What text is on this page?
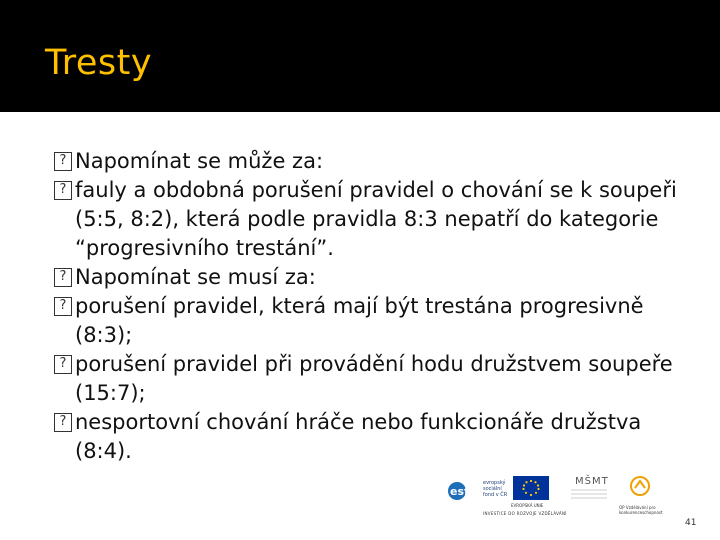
Tresty
? Napomínat se může za:
? fauly a obdobná porušení pravidel o chování se k soupeři (5:5, 8:2), která podle pravidla 8:3 nepatří do kategorie “progresivního trestání”.
? Napomínat se musí za:
? porušení pravidel, která mají být trestána progresivně (8:3);
? porušení pravidel při provádění hodu družstvem soupeře (15:7);
? nesportovní chování hráče nebo funkcionáře družstva (8:4).
esf
evropský sociální fond v ČR
EVROPSKÁ UNIE
MŠMT
OP Vzdělávání pro konkurenceschopnost
INVESTICE DO ROZVOJE VZDĚLÁVÁNÍ
41
